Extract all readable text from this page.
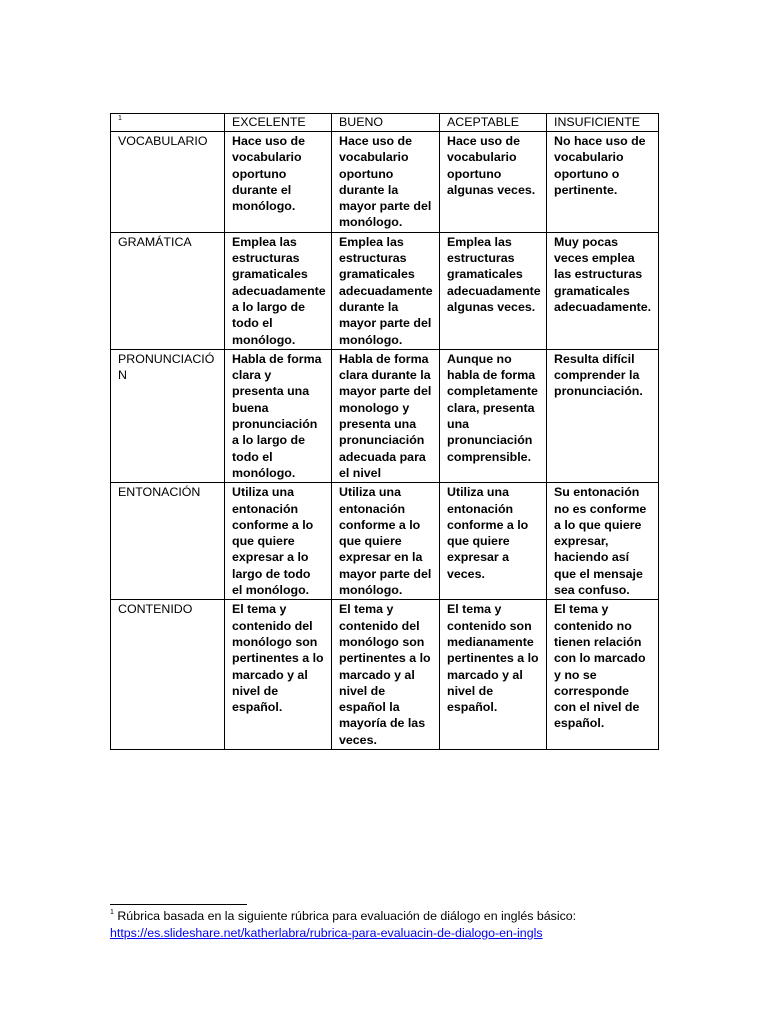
$^1$	EXCELENTE	BUENO	ACEPTABLE	INSUFICIENTE
VOCABULARIO	Hace uso de vocabulario oportuno durante el monólogo.	Hace uso de vocabulario oportuno durante la mayor parte del monólogo.	Hace uso de vocabulario oportuno algunas veces.	No hace uso de vocabulario oportuno o pertinente.
GRAMÁTICA	Emplea las estructuras gramaticales adecuadamente a lo largo de todo el monólogo.	Emplea las estructuras gramaticales adecuadamente durante la mayor parte del monólogo.	Emplea las estructuras gramaticales adecuadamente algunas veces.	Muy pocas veces emplea las estructuras gramaticales adecuadamente.
PRONUNCIACIÓN	Habla de forma clara y presenta una buena pronunciación a lo largo de todo el monólogo.	Habla de forma clara durante la mayor parte del monologo y presenta una pronunciación adecuada para el nivel	Aunque no habla de forma completamente clara, presenta una pronunciación comprensible.	Resulta difícil comprender la pronunciación.
ENTONACIÓN	Utiliza una entonación conforme a lo que quiere expresar a lo largo de todo el monólogo.	Utiliza una entonación conforme a lo que quiere expresar en la mayor parte del monólogo.	Utiliza una entonación conforme a lo que quiere expresar a veces.	Su entonación no es conforme a lo que quiere expresar, haciendo así que el mensaje sea confuso.
CONTENIDO	El tema y contenido del monólogo son pertinentes a lo marcado y al nivel de español.	El tema y contenido del monólogo son pertinentes a lo marcado y al nivel de español la mayoría de las veces.	El tema y contenido son medianamente pertinentes a lo marcado y al nivel de español.	El tema y contenido no tienen relación con lo marcado y no se corresponde con el nivel de español.
$^1$ Rúbrica basada en la siguiente rúbrica para evaluación de diálogo en inglés básico:
https://es.slideshare.net/katherlabra/rubrica-para-evaluacin-de-dialogo-en-ingls
